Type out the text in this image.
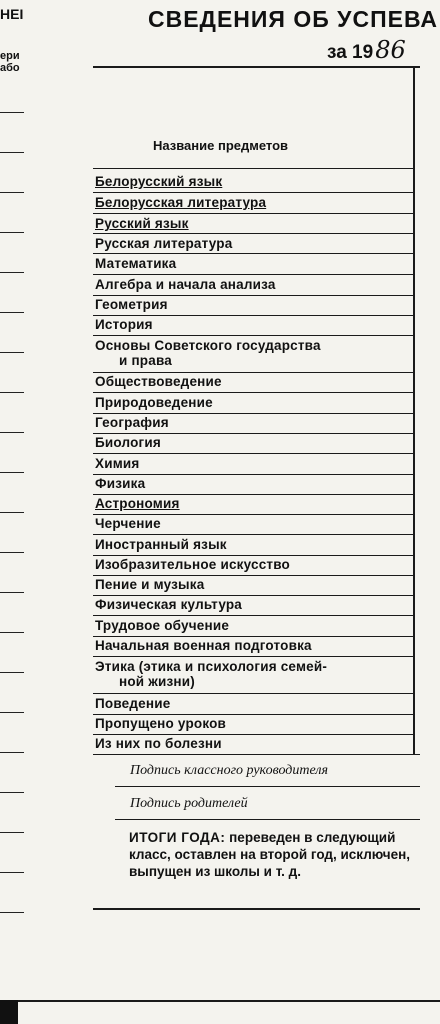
НЕІ
ери
або
СВЕДЕНИЯ ОБ УСПЕВА
за 1986
Название предметов
Белорусский язык
Белорусская литература
Русский язык
Русская литература
Математика
Алгебра и начала анализа
Геометрия
История
Основы Советского государства
и права
Обществоведение
Природоведение
География
Биология
Химия
Физика
Астрономия
Черчение
Иностранный язык
Изобразительное искусство
Пение и музыка
Физическая культура
Трудовое обучение
Начальная военная подготовка
Этика (этика и психология семей-
ной жизни)
Поведение
Пропущено уроков
Из них по болезни
Подпись классного руководителя
Подпись родителей
ИТОГИ ГОДА: переведен в следующий класс, оставлен на второй год, исключен, выпущен из школы и т. д.
